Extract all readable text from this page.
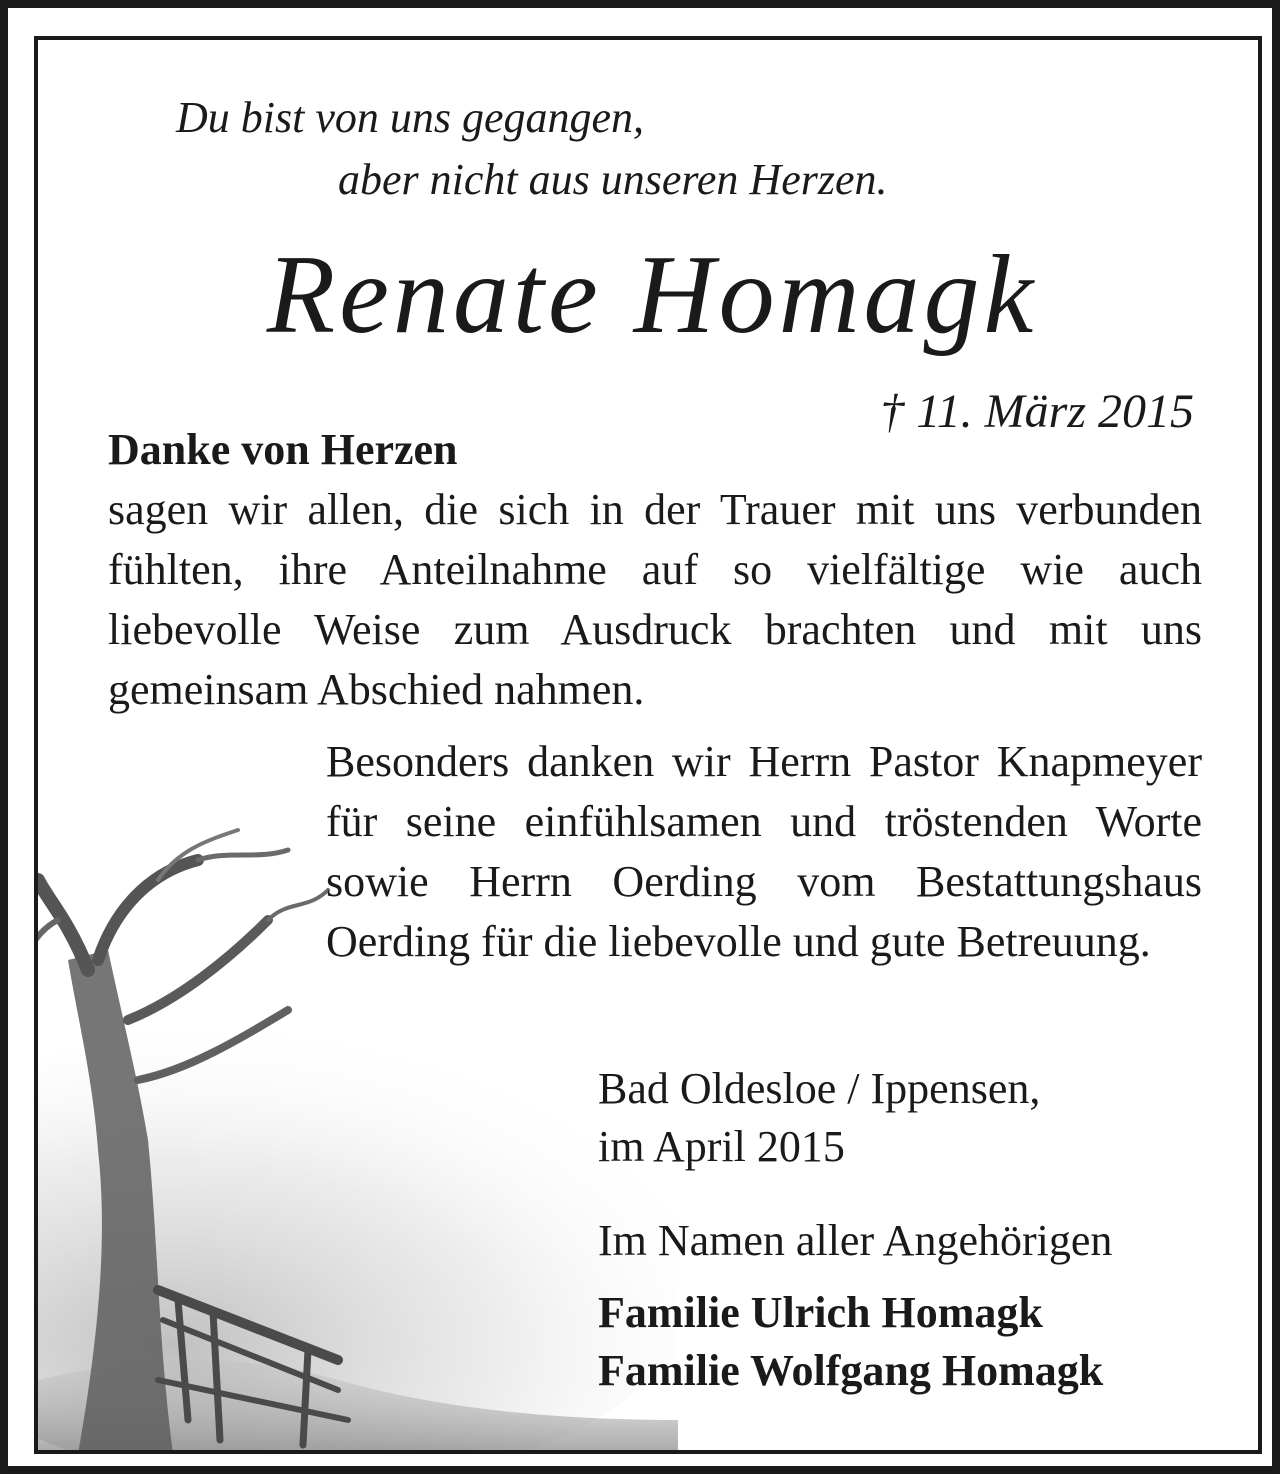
Du bist von uns gegangen,
aber nicht aus unseren Herzen.
Renate Homagk
† 11. März 2015
Danke von Herzen
sagen wir allen, die sich in der Trauer mit uns verbunden fühlten, ihre Anteilnahme auf so vielfältige wie auch liebevolle Weise zum Ausdruck brachten und mit uns gemeinsam Abschied nahmen.
Besonders danken wir Herrn Pastor Knapmeyer für seine einfühlsamen und tröstenden Worte sowie Herrn Oerding vom Bestattungshaus Oerding für die liebevolle und gute Betreuung.
Bad Oldesloe / Ippensen,
im April 2015
Im Namen aller Angehörigen
Familie Ulrich Homagk
Familie Wolfgang Homagk
